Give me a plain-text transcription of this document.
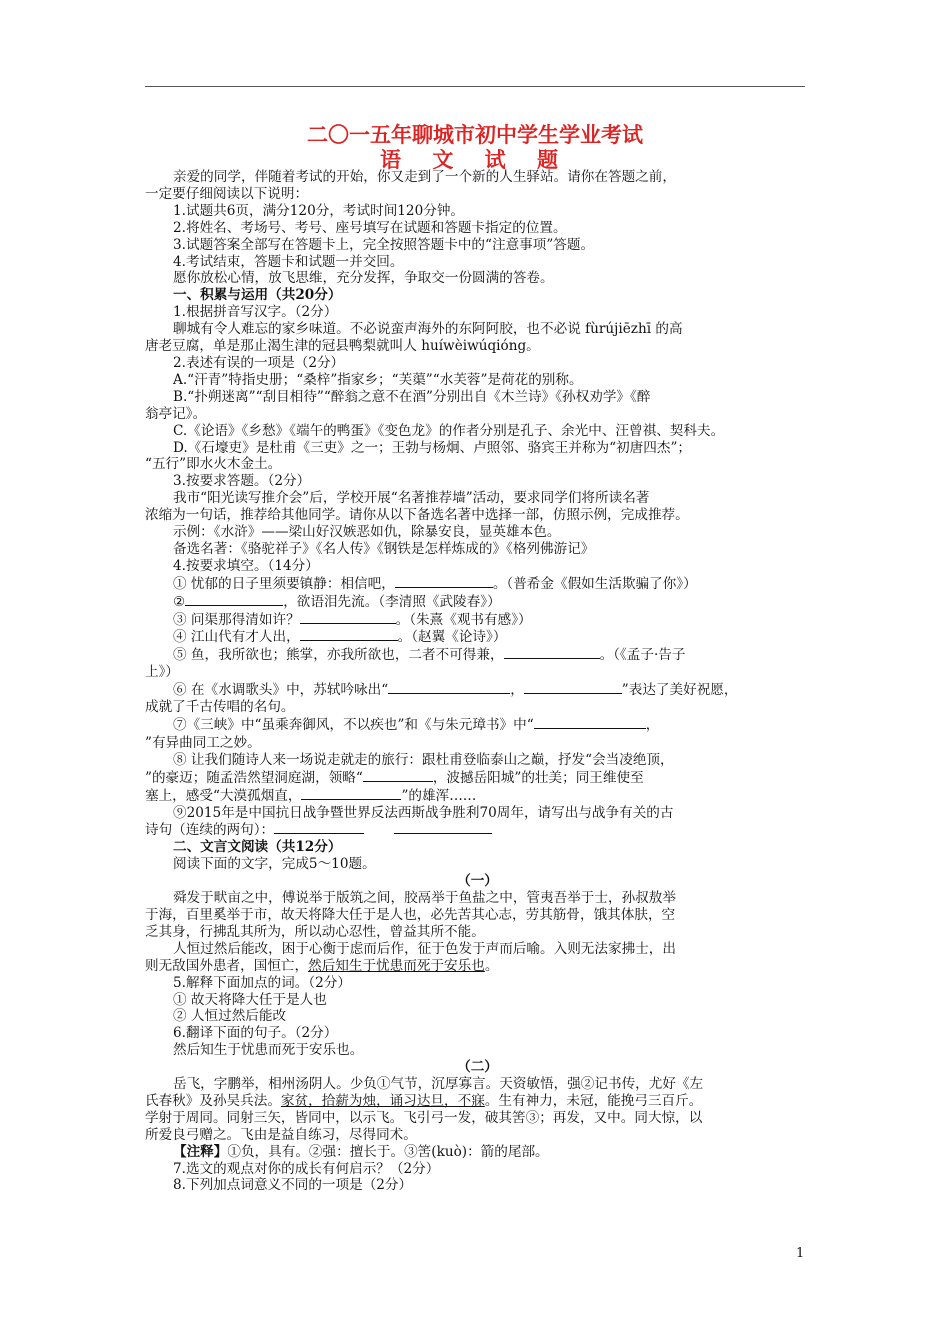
二〇一五年聊城市初中学生学业考试
语 文 试 题

亲爱的同学，伴随着考试的开始，你又走到了一个新的人生驿站。请你在答题之前，

一定要仔细阅读以下说明：

1.试题共6页，满分120分，考试时间120分钟。

2.将姓名、考场号、考号、座号填写在试题和答题卡指定的位置。

3.试题答案全部写在答题卡上，完全按照答题卡中的“注意事项”答题。

4.考试结束，答题卡和试题一并交回。

愿你放松心情，放飞思维，充分发挥，争取交一份圆满的答卷。

一、积累与运用（共20分）

1.根据拼音写汉字。（2分）

聊城有令人难忘的家乡味道。不必说蛮声海外的东阿阿胶，也不必说 fùrújiēzhī 的高

唐老豆腐，单是那止渴生津的冠县鸭梨就叫人 huíwèiwúqióng。

2.表述有误的一项是（2分）

A.“汗青”特指史册；“桑梓”指家乡；“芙蕖”“水芙蓉”是荷花的别称。

B.“扑朔迷离”“刮目相待”“醉翁之意不在酒”分别出自《木兰诗》《孙权劝学》《醉

翁亭记》。

C.《论语》《乡愁》《端午的鸭蛋》《变色龙》的作者分别是孔子、余光中、汪曾祺、契科夫。

D.《石壕吏》是杜甫《三吏》之一；王勃与杨炯、卢照邻、骆宾王并称为“初唐四杰”；

“五行”即水火木金土。

3.按要求答题。（2分）

我市“阳光读写推介会”后，学校开展“名著推荐墙”活动，要求同学们将所读名著

浓缩为一句话，推荐给其他同学。请你从以下备选名著中选择一部，仿照示例，完成推荐。

示例：《水浒》——梁山好汉嫉恶如仇，除暴安良，显英雄本色。

备选名著：《骆驼祥子》《名人传》《钢铁是怎样炼成的》《格列佛游记》

4.按要求填空。（14分）

① 忧郁的日子里须要镇静：相信吧，	。（普希金《假如生活欺骗了你》）

②	，欲语泪先流。（李清照《武陵春》）

③ 问渠那得清如许？	。（朱熹《观书有感》）

④ 江山代有才人出，	。（赵翼《论诗》）

⑤ 鱼，我所欲也；熊掌，亦我所欲也，二者不可得兼，	。（《孟子·告子

上》）

⑥ 在《水调歌头》中，苏轼吟咏出“	，	”表达了美好祝愿，

成就了千古传唱的名句。

⑦《三峡》中“虽乘奔御风，不以疾也”和《与朱元璋书》中“	，

”有异曲同工之妙。

⑧ 让我们随诗人来一场说走就走的旅行：跟杜甫登临泰山之巅，抒发“会当凌绝顶，

”的豪迈；随孟浩然望洞庭湖，领略“	，波撼岳阳城”的壮美；同王维使至

塞上，感受“大漠孤烟直，	”的雄浑……

⑨2015年是中国抗日战争暨世界反法西斯战争胜利70周年，请写出与战争有关的古

诗句（连续的两句）：

二、文言文阅读（共12分）

阅读下面的文字，完成5～10题。

（一）

舜发于畎亩之中，傅说举于版筑之间，胶鬲举于鱼盐之中，管夷吾举于士，孙叔敖举

于海，百里奚举于市，故天将降大任于是人也，必先苦其心志，劳其筋骨，饿其体肤，空

乏其身，行拂乱其所为，所以动心忍性，曾益其所不能。

人恒过然后能改，困于心衡于虑而后作，征于色发于声而后喻。入则无法家拂士，出

则无敌国外患者，国恒亡，然后知生于忧患而死于安乐也。

5.解释下面加点的词。（2分）

① 故天将降大任于是人也

② 人恒过然后能改

6.翻译下面的句子。（2分）

然后知生于忧患而死于安乐也。

（二）

岳飞，字鹏举，相州汤阴人。少负①气节，沉厚寡言。天资敏悟，强②记书传，尤好《左

氏春秋》及孙吴兵法。家贫，拾薪为烛，诵习达旦，不寐。生有神力，未冠，能挽弓三百斤。

学射于周同。同射三矢，皆同中，以示飞。飞引弓一发，破其筈③；再发，又中。同大惊，以

所爱良弓赠之。飞由是益自练习，尽得同术。

【注释】①负，具有。②强：擅长于。③筈(kuò)：箭的尾部。

7.选文的观点对你的成长有何启示？（2分）

8.下列加点词意义不同的一项是（2分）

1
